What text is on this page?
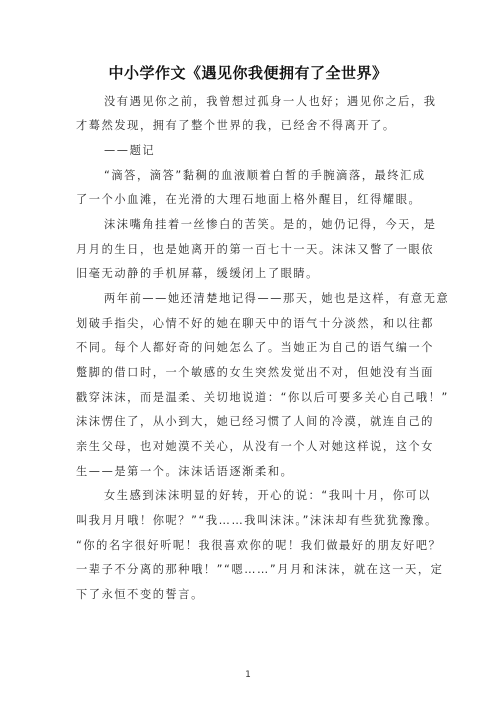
中小学作文《遇见你我便拥有了全世界》
没有遇见你之前，我曾想过孤身一人也好；遇见你之后，我
才蓦然发现，拥有了整个世界的我，已经舍不得离开了。
——题记
“滴答，滴答”黏稠的血液顺着白皙的手腕滴落，最终汇成
了一个小血滩，在光滑的大理石地面上格外醒目，红得耀眼。
沫沫嘴角挂着一丝惨白的苦笑。是的，她仍记得，今天，是
月月的生日，也是她离开的第一百七十一天。沫沫又瞥了一眼依
旧毫无动静的手机屏幕，缓缓闭上了眼睛。
两年前——她还清楚地记得——那天，她也是这样，有意无意
划破手指尖，心情不好的她在聊天中的语气十分淡然，和以往都
不同。每个人都好奇的问她怎么了。当她正为自己的语气编一个
蹩脚的借口时，一个敏感的女生突然发觉出不对，但她没有当面
戳穿沫沫，而是温柔、关切地说道：“你以后可要多关心自己哦！”
沫沫愣住了，从小到大，她已经习惯了人间的冷漠，就连自己的
亲生父母，也对她漠不关心，从没有一个人对她这样说，这个女
生——是第一个。沫沫话语逐渐柔和。
女生感到沫沫明显的好转，开心的说：“我叫十月，你可以
叫我月月哦！你呢？”“我……我叫沫沫。”沫沫却有些犹犹豫豫。
“你的名字很好听呢！我很喜欢你的呢！我们做最好的朋友好吧？
一辈子不分离的那种哦！”“嗯……”月月和沫沫，就在这一天，定
下了永恒不变的誓言。
1
